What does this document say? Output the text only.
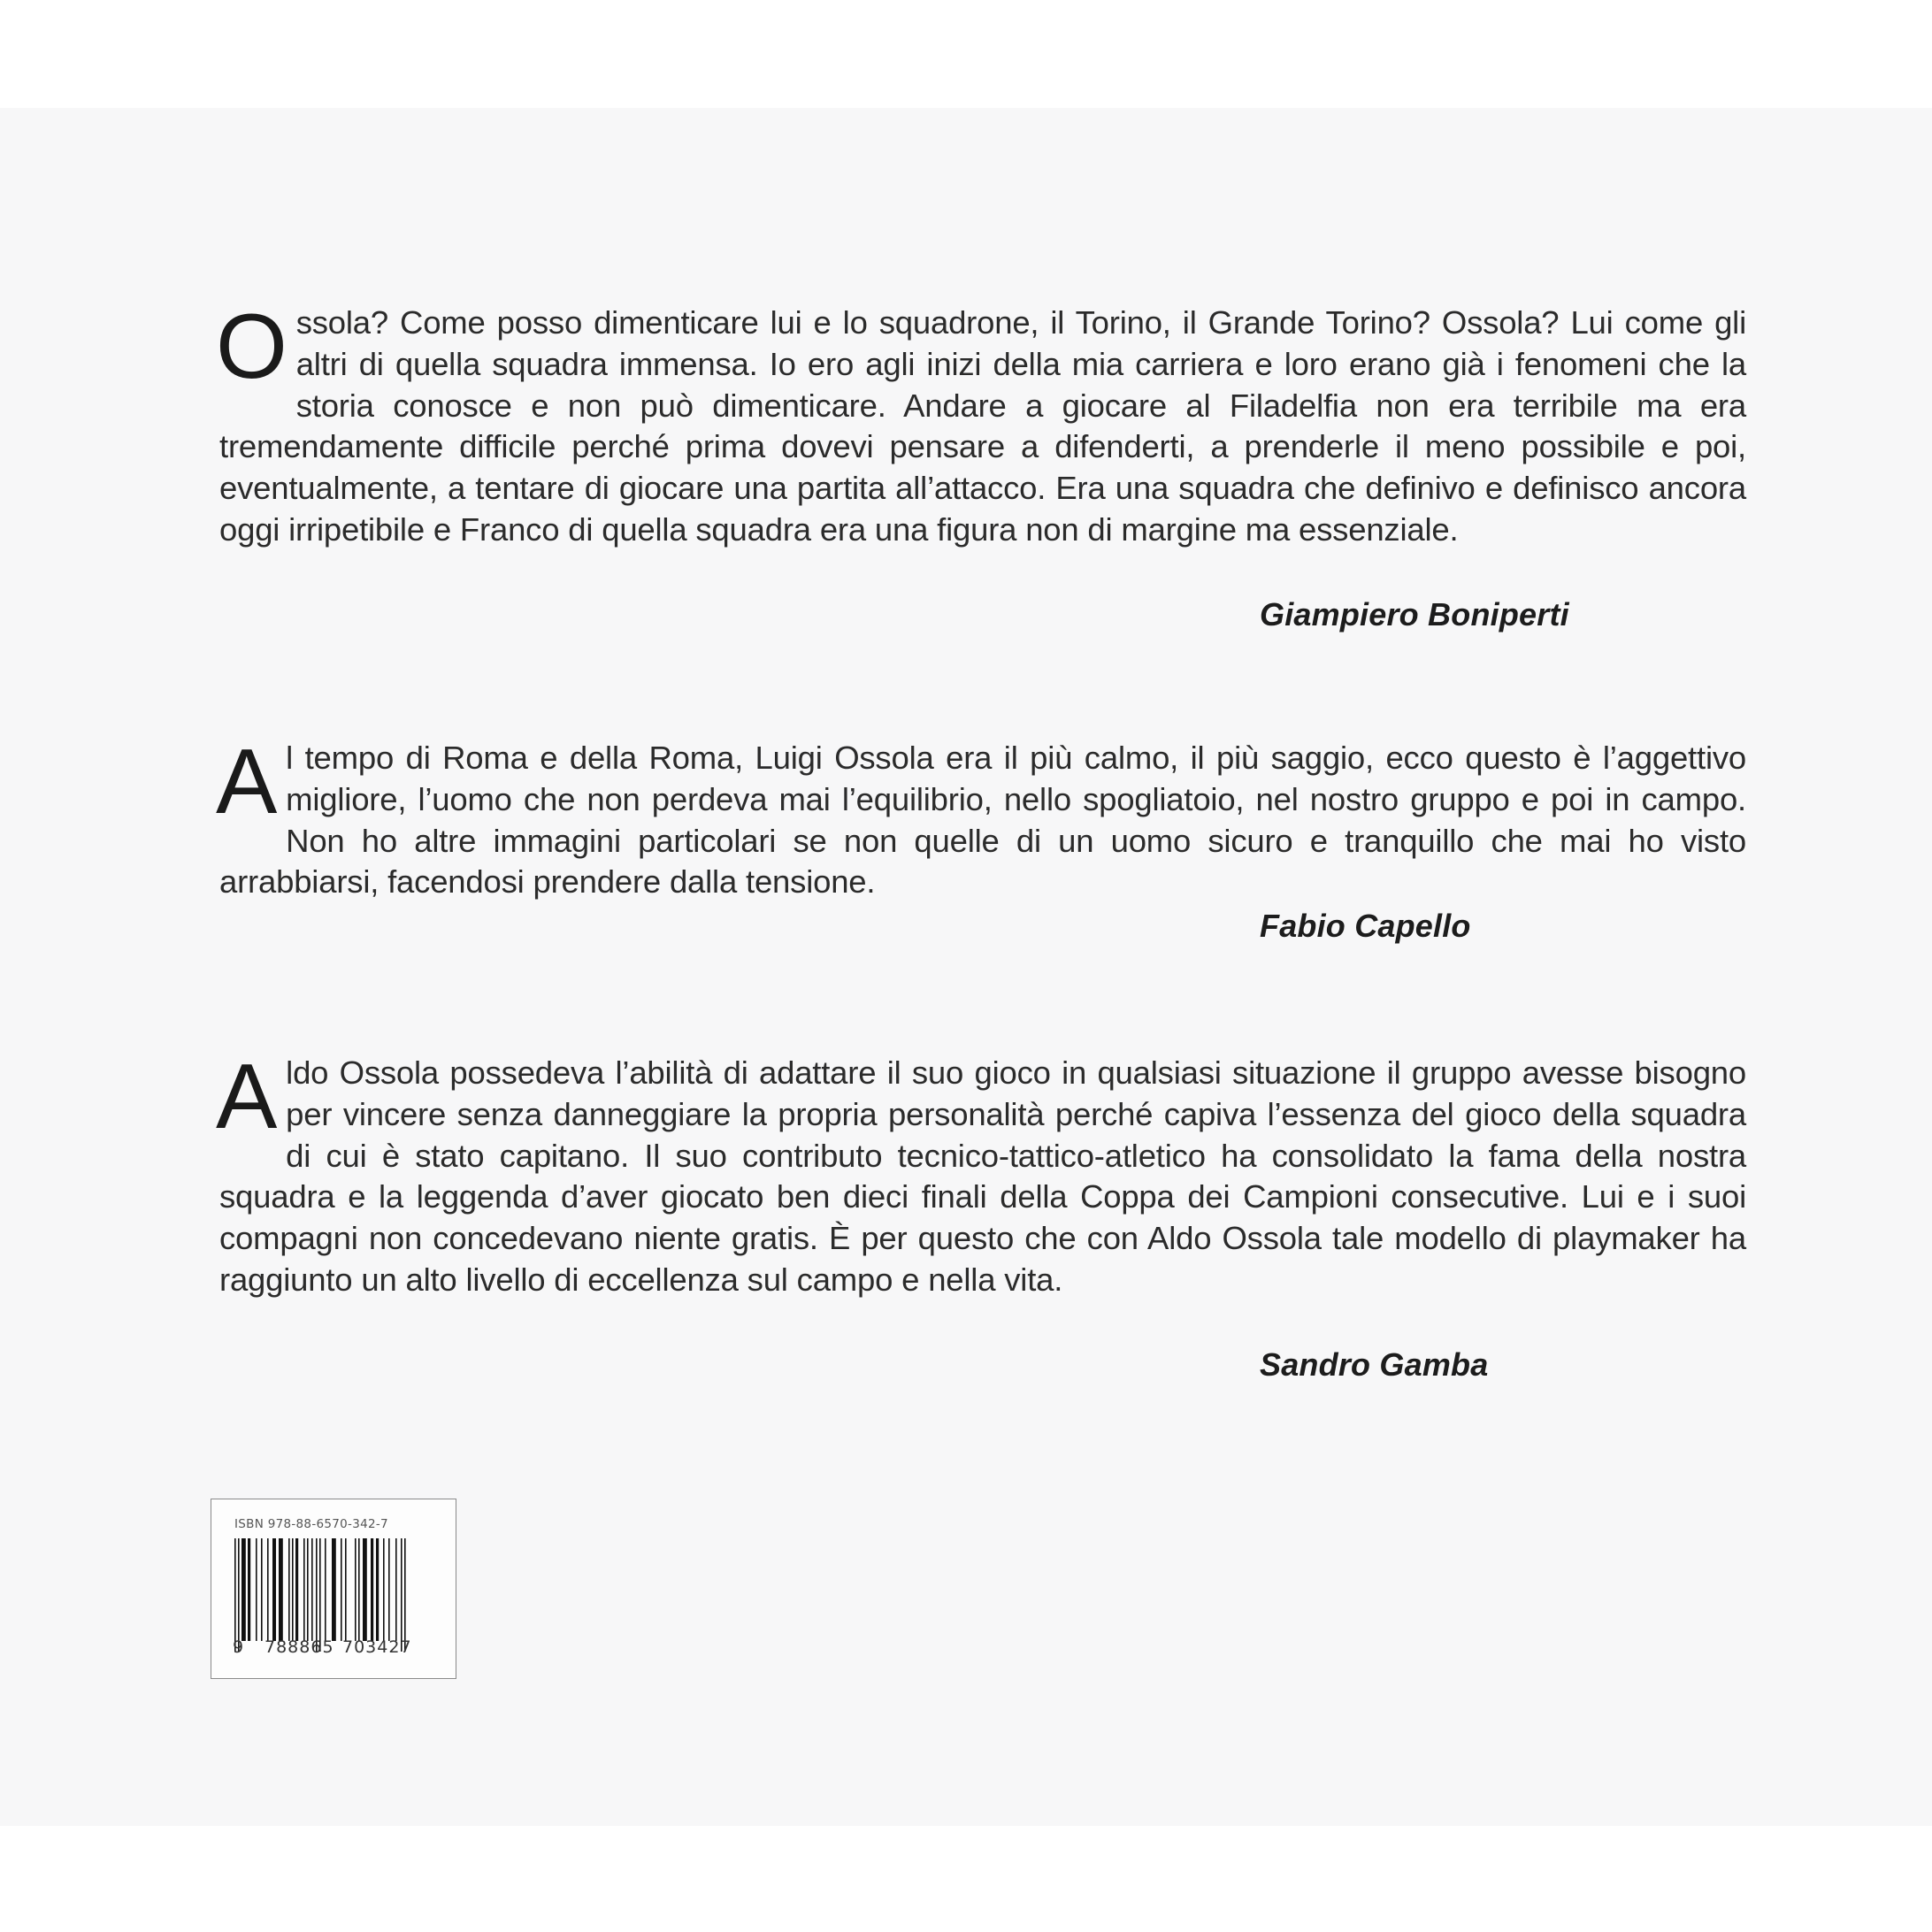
O ssola? Come posso dimenticare lui e lo squadrone, il Torino, il Grande Torino? Ossola? Lui come gli altri di quella squadra immensa. Io ero agli inizi della mia carriera e loro erano già i fenomeni che la storia conosce e non può dimenticare. Andare a giocare al Filadelfia non era terribile ma era tremendamente difficile perché prima dovevi pensare a difenderti, a prenderle il meno possibile e poi, eventualmente, a tentare di giocare una partita all’attacco. Era una squadra che definivo e definisco ancora oggi irripetibile e Franco di quella squadra era una figura non di margine ma essenziale.

Giampiero Boniperti
A l tempo di Roma e della Roma, Luigi Ossola era il più calmo, il più saggio, ecco questo è l’aggettivo migliore, l’uomo che non perdeva mai l’equilibrio, nello spogliatoio, nel nostro gruppo e poi in campo. Non ho altre immagini particolari se non quelle di un uomo sicuro e tranquillo che mai ho visto arrabbiarsi, facendosi prendere dalla tensione.

Fabio Capello
A ldo Ossola possedeva l’abilità di adattare il suo gioco in qualsiasi situazione il gruppo avesse bisogno per vincere senza danneggiare la propria personalità perché capiva l’essenza del gioco della squadra di cui è stato capitano. Il suo contributo tecnico-tattico-atletico ha consolidato la fama della nostra squadra e la leggenda d’aver giocato ben dieci finali della Coppa dei Campioni consecutive. Lui e i suoi compagni non concedevano niente gratis. È per questo che con Aldo Ossola tale modello di playmaker ha raggiunto un alto livello di eccellenza sul campo e nella vita.

Sandro Gamba
ISBN 978-88-6570-342-7
9 788865 703427
